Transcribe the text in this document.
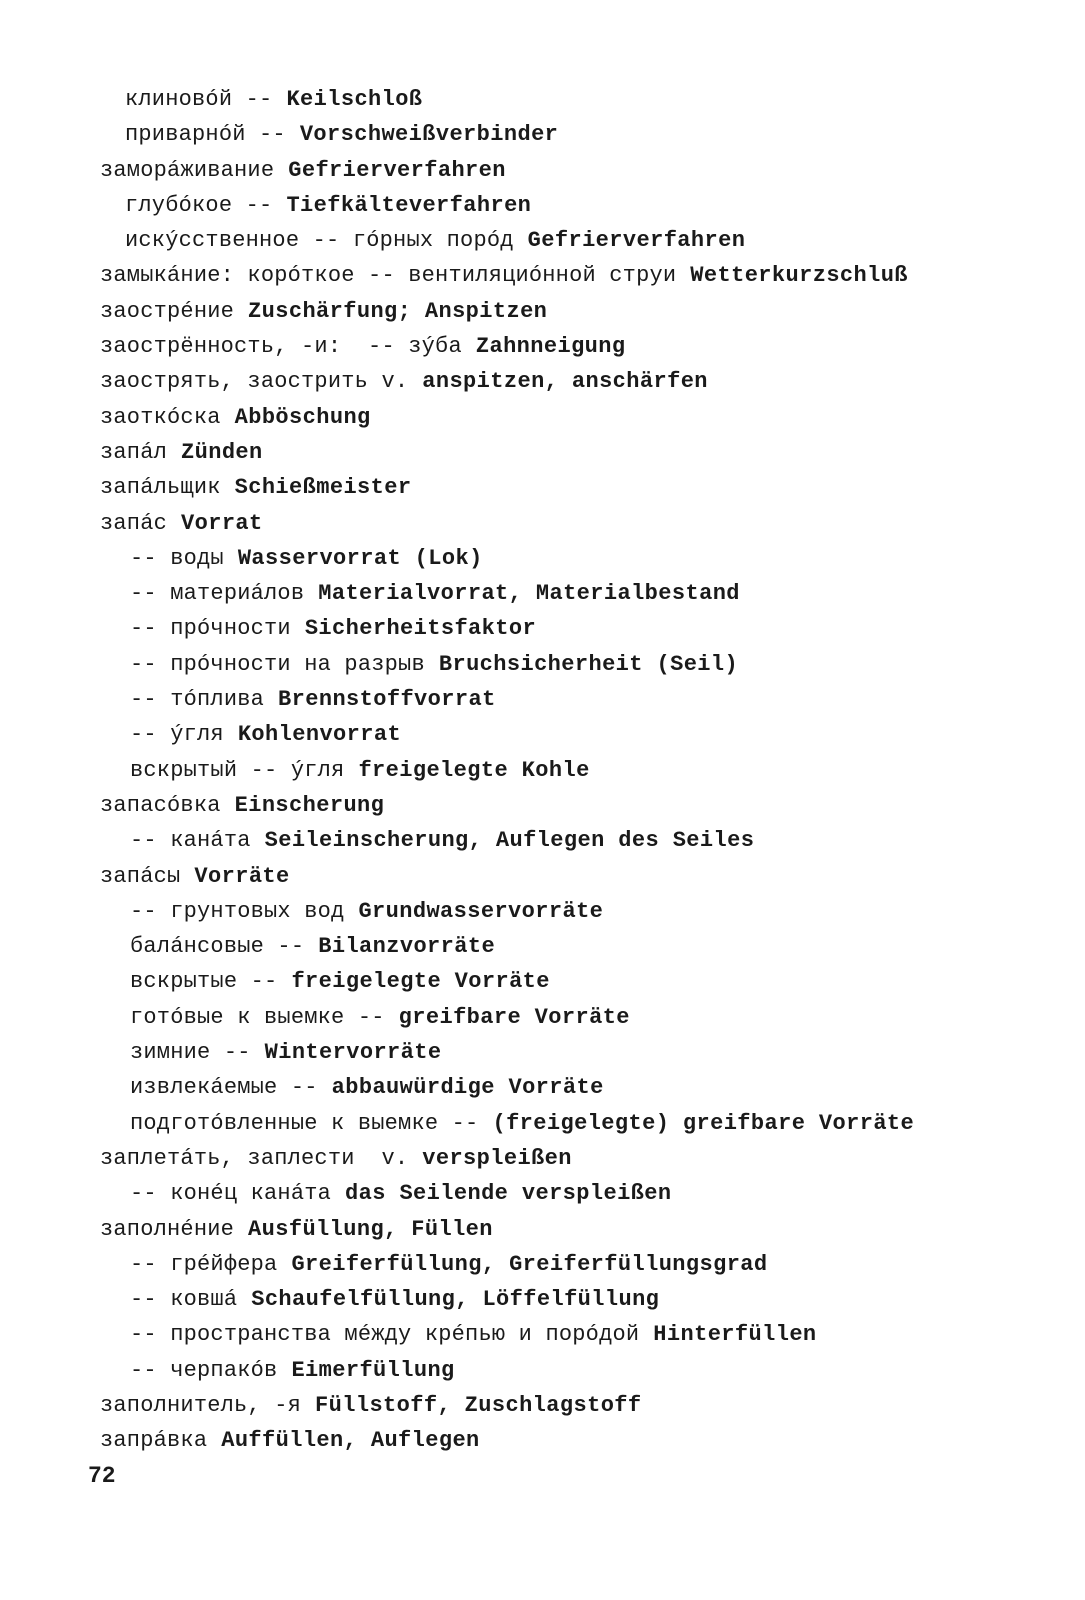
клиновóй -- Keilschloß
приварнóй -- Vorschweißverbinder
заморáживание Gefrierverfahren
глубóкое -- Tiefkälteverfahren
искýсственное -- гóрных порóд Gefrierverfahren
замыкáние: корóткое -- вентиляциóнной струи Wetterkurzschluß
заострéние Zuschärfung; Anspitzen
заострённость, -и:  -- зýба Zahnneigung
заострять, заострить v. anspitzen, anschärfen
заоткóска Abböschung
запáл Zünden
запáльщик Schießmeister
запáс Vorrat
-- воды Wasservorrat (Lok)
-- материáлов Materialvorrat, Materialbestand
-- прóчности Sicherheitsfaktor
-- прóчности на разрыв Bruchsicherheit (Seil)
-- тóплива Brennstoffvorrat
-- ýгля Kohlenvorrat
вскрытый -- ýгля freigelegte Kohle
запасóвка Einscherung
-- канáта Seileinscherung, Auflegen des Seiles
запáсы Vorräte
-- грунтовых вод Grundwasservorräte
балáнсовые -- Bilanzvorräte
вскрытые -- freigelegte Vorräte
готóвые к выемке -- greifbare Vorräte
зимние -- Wintervorräte
извлекáемые -- abbauwürdige Vorräte
подготóвленные к выемке -- (freigelegte) greifbare Vorräte
заплетáть, заплести  v. verspleißen
-- конéц канáта das Seilende verspleißen
заполнéние Ausfüllung, Füllen
-- грéйфера Greiferfüllung, Greiferfüllungsgrad
-- ковшá Schaufelfüllung, Löffelfüllung
-- пространства мéжду крéпью и порóдой Hinterfüllen
-- черпакóв Eimerfüllung
заполнитель, -я Füllstoff, Zuschlagstoff
запрáвка Auffüllen, Auflegen
72
